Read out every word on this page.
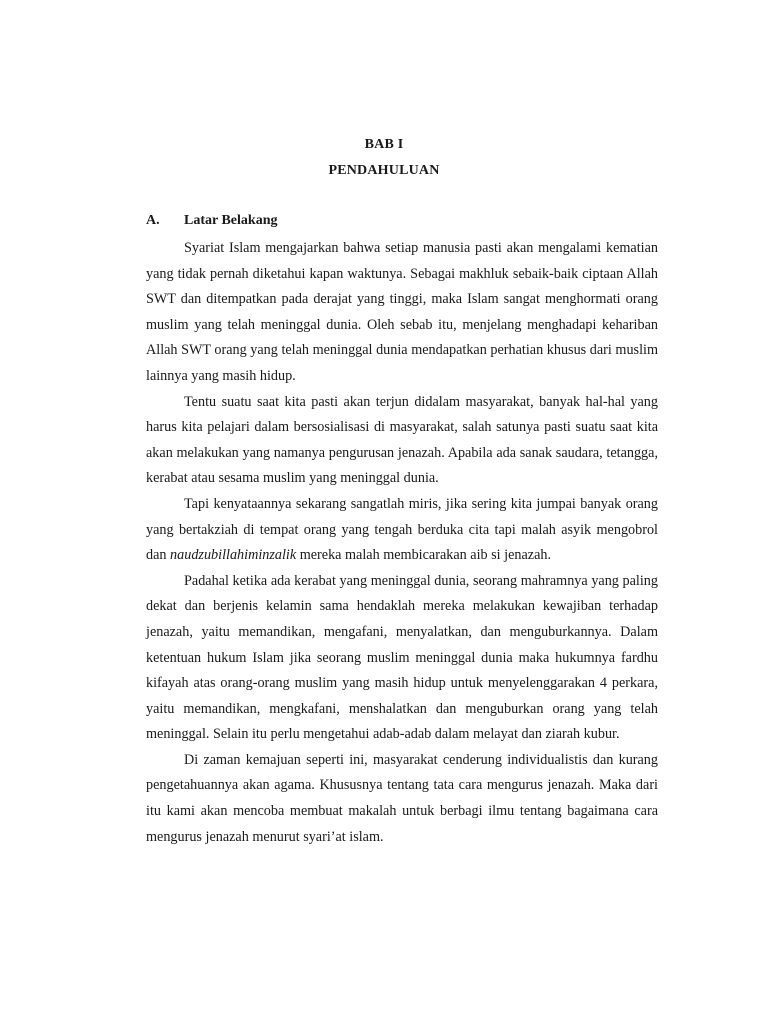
BAB I
PENDAHULUAN
A. Latar Belakang

Syariat Islam mengajarkan bahwa setiap manusia pasti akan mengalami kematian yang tidak pernah diketahui kapan waktunya. Sebagai makhluk sebaik-baik ciptaan Allah SWT dan ditempatkan pada derajat yang tinggi, maka Islam sangat menghormati orang muslim yang telah meninggal dunia. Oleh sebab itu, menjelang menghadapi kehariban Allah SWT orang yang telah meninggal dunia mendapatkan perhatian khusus dari muslim lainnya yang masih hidup.

Tentu suatu saat kita pasti akan terjun didalam masyarakat, banyak hal-hal yang harus kita pelajari dalam bersosialisasi di masyarakat, salah satunya pasti suatu saat kita akan melakukan yang namanya pengurusan jenazah. Apabila ada sanak saudara, tetangga, kerabat atau sesama muslim yang meninggal dunia.

Tapi kenyataannya sekarang sangatlah miris, jika sering kita jumpai banyak orang yang bertakziah di tempat orang yang tengah berduka cita tapi malah asyik mengobrol dan naudzubillahiminzalik mereka malah membicarakan aib si jenazah.

Padahal ketika ada kerabat yang meninggal dunia, seorang mahramnya yang paling dekat dan berjenis kelamin sama hendaklah mereka melakukan kewajiban terhadap jenazah, yaitu memandikan, mengafani, menyalatkan, dan menguburkannya. Dalam ketentuan hukum Islam jika seorang muslim meninggal dunia maka hukumnya fardhu kifayah atas orang-orang muslim yang masih hidup untuk menyelenggarakan 4 perkara, yaitu memandikan, mengkafani, menshalatkan dan menguburkan orang yang telah meninggal. Selain itu perlu mengetahui adab-adab dalam melayat dan ziarah kubur.

Di zaman kemajuan seperti ini, masyarakat cenderung individualistis dan kurang pengetahuannya akan agama. Khususnya tentang tata cara mengurus jenazah. Maka dari itu kami akan mencoba membuat makalah untuk berbagi ilmu tentang bagaimana cara mengurus jenazah menurut syari’at islam.
